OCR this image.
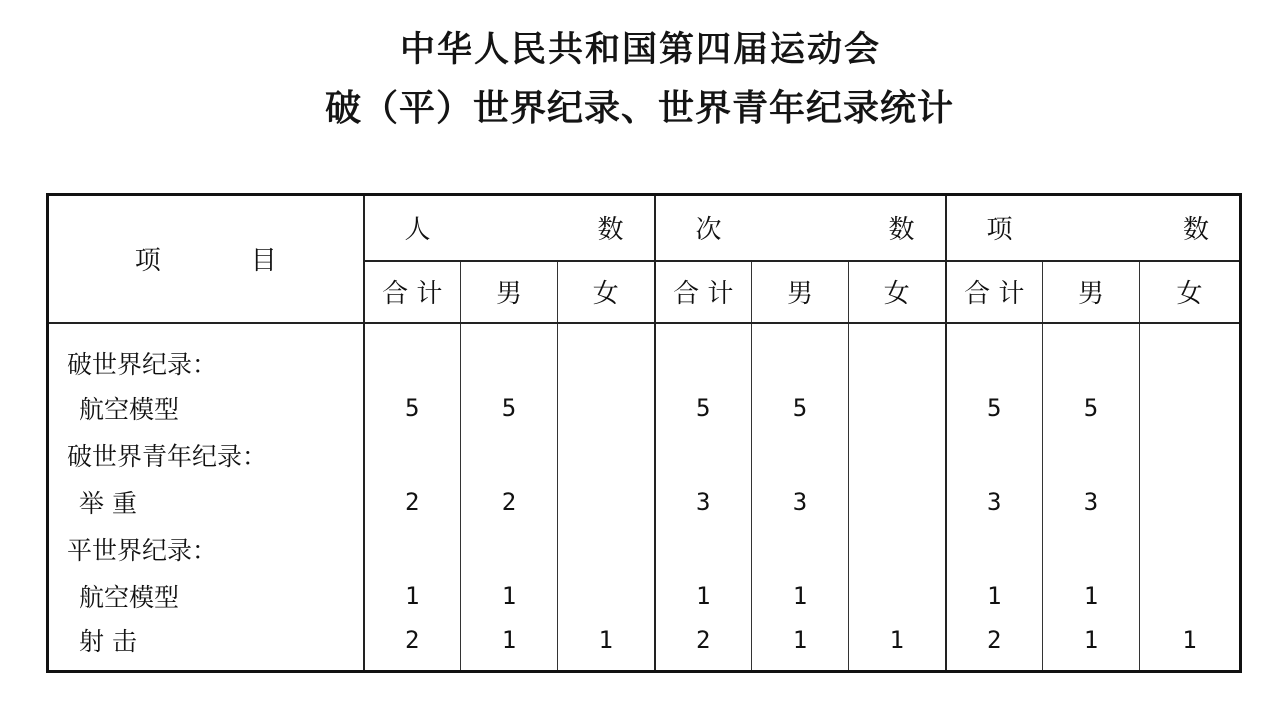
中华人民共和国第四届运动会
破（平）世界纪录、世界青年纪录统计
项 目	人 数			次 数			项 数		

	合 计	男	女	合 计	男	女	合 计	男	女
破世界纪录：									
航空模型	5	5		5	5		5	5	
破世界青年纪录：									
举 重	2	2		3	3		3	3	
平世界纪录：									
航空模型	1	1		1	1		1	1	
射 击	2	1	1	2	1	1	2	1	1
